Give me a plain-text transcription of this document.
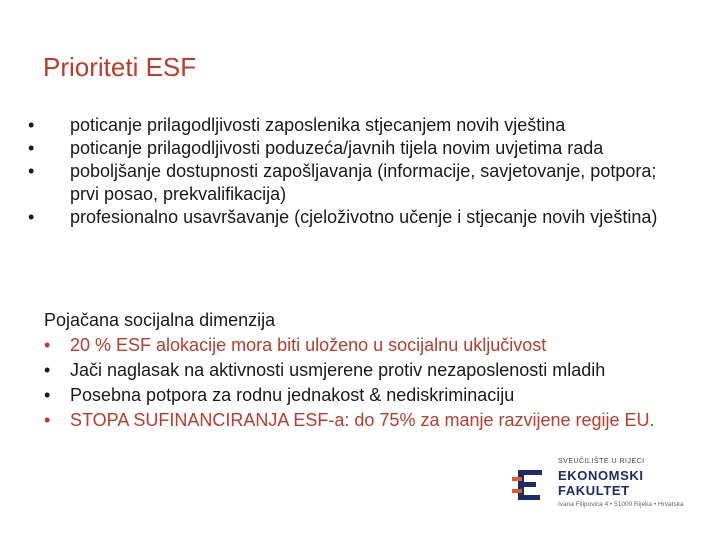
Prioriteti ESF
• poticanje prilagodljivosti zaposlenika stjecanjem novih vještina
• poticanje prilagodljivosti poduzeća/javnih tijela novim uvjetima rada
• poboljšanje dostupnosti zapošljavanja (informacije, savjetovanje, potpora; prvi posao, prekvalifikacija)
• profesionalno usavršavanje (cjeloživotno učenje i stjecanje novih vještina)
Pojačana socijalna dimenzija
• 20 % ESF alokacije mora biti uloženo u socijalnu uključivost
• Jači naglasak na aktivnosti usmjerene protiv nezaposlenosti mladih
• Posebna potpora za rodnu jednakost & nediskriminaciju
• STOPA SUFINANCIRANJA ESF-a: do 75% za manje razvijene regije EU.
SVEUČILIŠTE U RIJECI
EKONOMSKI FAKULTET
Ivana Filipovića 4 • 51000 Rijeka • Hrvatska
